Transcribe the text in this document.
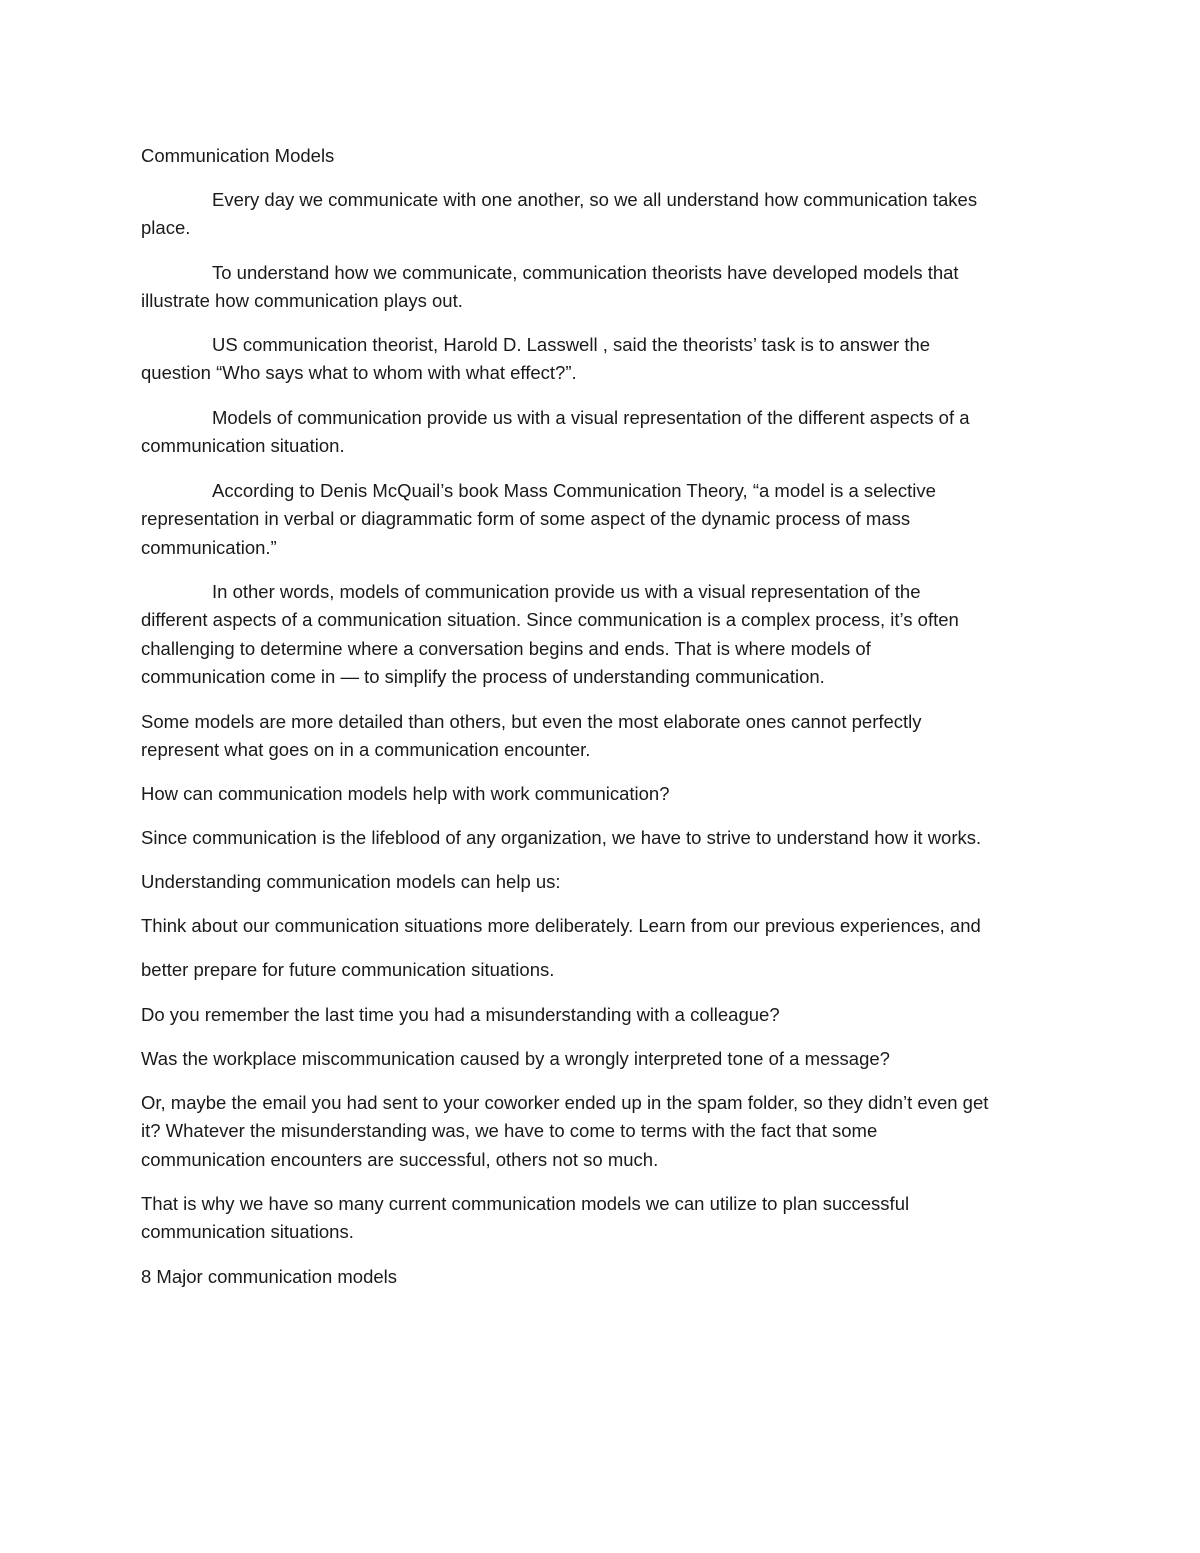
Communication Models
Every day we communicate with one another, so we all understand how communication takes
place.
To understand how we communicate, communication theorists have developed models that
illustrate how communication plays out.
US communication theorist, Harold D. Lasswell , said the theorists’ task is to answer the
question “Who says what to whom with what effect?”.
Models of communication provide us with a visual representation of the different aspects of a
communication situation.
According to Denis McQuail’s book Mass Communication Theory, “a model is a selective
representation in verbal or diagrammatic form of some aspect of the dynamic process of mass
communication.”
In other words, models of communication provide us with a visual representation of the
different aspects of a communication situation. Since communication is a complex process, it’s often
challenging to determine where a conversation begins and ends. That is where models of
communication come in — to simplify the process of understanding communication.
Some models are more detailed than others, but even the most elaborate ones cannot perfectly
represent what goes on in a communication encounter.
How can communication models help with work communication?
Since communication is the lifeblood of any organization, we have to strive to understand how it works.
Understanding communication models can help us:
Think about our communication situations more deliberately. Learn from our previous experiences, and
better prepare for future communication situations.
Do you remember the last time you had a misunderstanding with a colleague?
Was the workplace miscommunication caused by a wrongly interpreted tone of a message?
Or, maybe the email you had sent to your coworker ended up in the spam folder, so they didn’t even get
it? Whatever the misunderstanding was, we have to come to terms with the fact that some
communication encounters are successful, others not so much.
That is why we have so many current communication models we can utilize to plan successful
communication situations.
8 Major communication models
